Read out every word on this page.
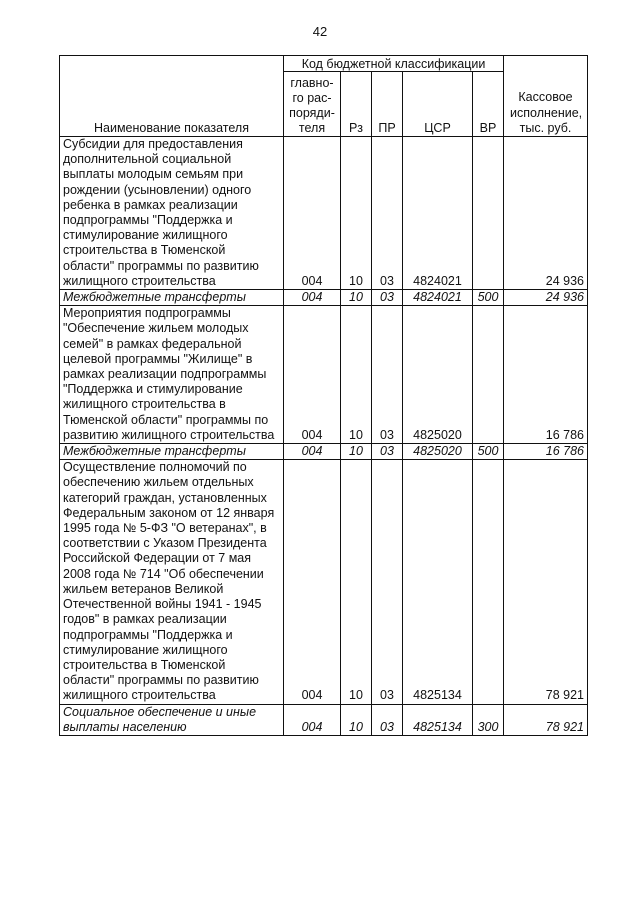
42
Наименование показателя	Код бюджетной классификации					Кассовое исполнение, тыс. руб.
	главно-
го рас-
поряди-
теля	Рз	ПР	ЦСР	ВР	
Субсидии для предоставления дополнительной социальной выплаты молодым семьям при рождении (усыновлении) одного ребенка в рамках реализации подпрограммы "Поддержка и стимулирование жилищного строительства в Тюменской области" программы по развитию жилищного строительства	004	10	03	4824021		24 936
Межбюджетные трансферты	004	10	03	4824021	500	24 936
Мероприятия подпрограммы "Обеспечение жильем молодых семей" в рамках федеральной целевой программы "Жилище" в рамках реализации подпрограммы "Поддержка и стимулирование жилищного строительства в Тюменской области" программы по развитию жилищного строительства	004	10	03	4825020		16 786
Межбюджетные трансферты	004	10	03	4825020	500	16 786
Осуществление полномочий по обеспечению жильем отдельных категорий граждан, установленных Федеральным законом от 12 января 1995 года № 5-ФЗ "О ветеранах", в соответствии с Указом Президента Российской Федерации от 7 мая 2008 года № 714 "Об обеспечении жильем ветеранов Великой Отечественной войны 1941 - 1945 годов" в рамках реализации подпрограммы "Поддержка и стимулирование жилищного строительства в Тюменской области" программы по развитию жилищного строительства	004	10	03	4825134		78 921
Социальное обеспечение и иные выплаты населению	004	10	03	4825134	300	78 921
